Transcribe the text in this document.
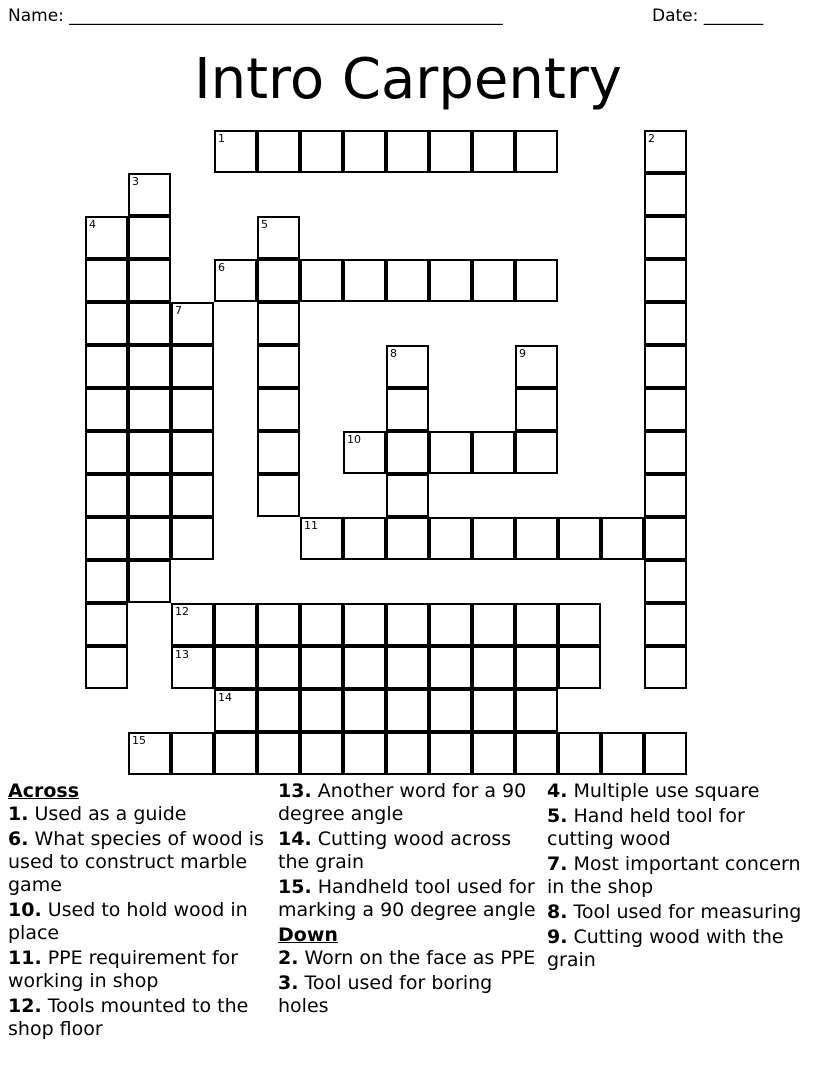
Name: ___________________________________________________	Date: _______
Intro Carpentry
1	2
3
4	5
6
7
8	9
10
11
12
13
14
15
Across
1. Used as a guide
6. What species of wood is used to construct marble game
10. Used to hold wood in place
11. PPE requirement for working in shop
12. Tools mounted to the shop floor
13. Another word for a 90 degree angle
14. Cutting wood across the grain
15. Handheld tool used for marking a 90 degree angle
Down
2. Worn on the face as PPE
3. Tool used for boring holes
4. Multiple use square
5. Hand held tool for cutting wood
7. Most important concern in the shop
8. Tool used for measuring
9. Cutting wood with the grain
